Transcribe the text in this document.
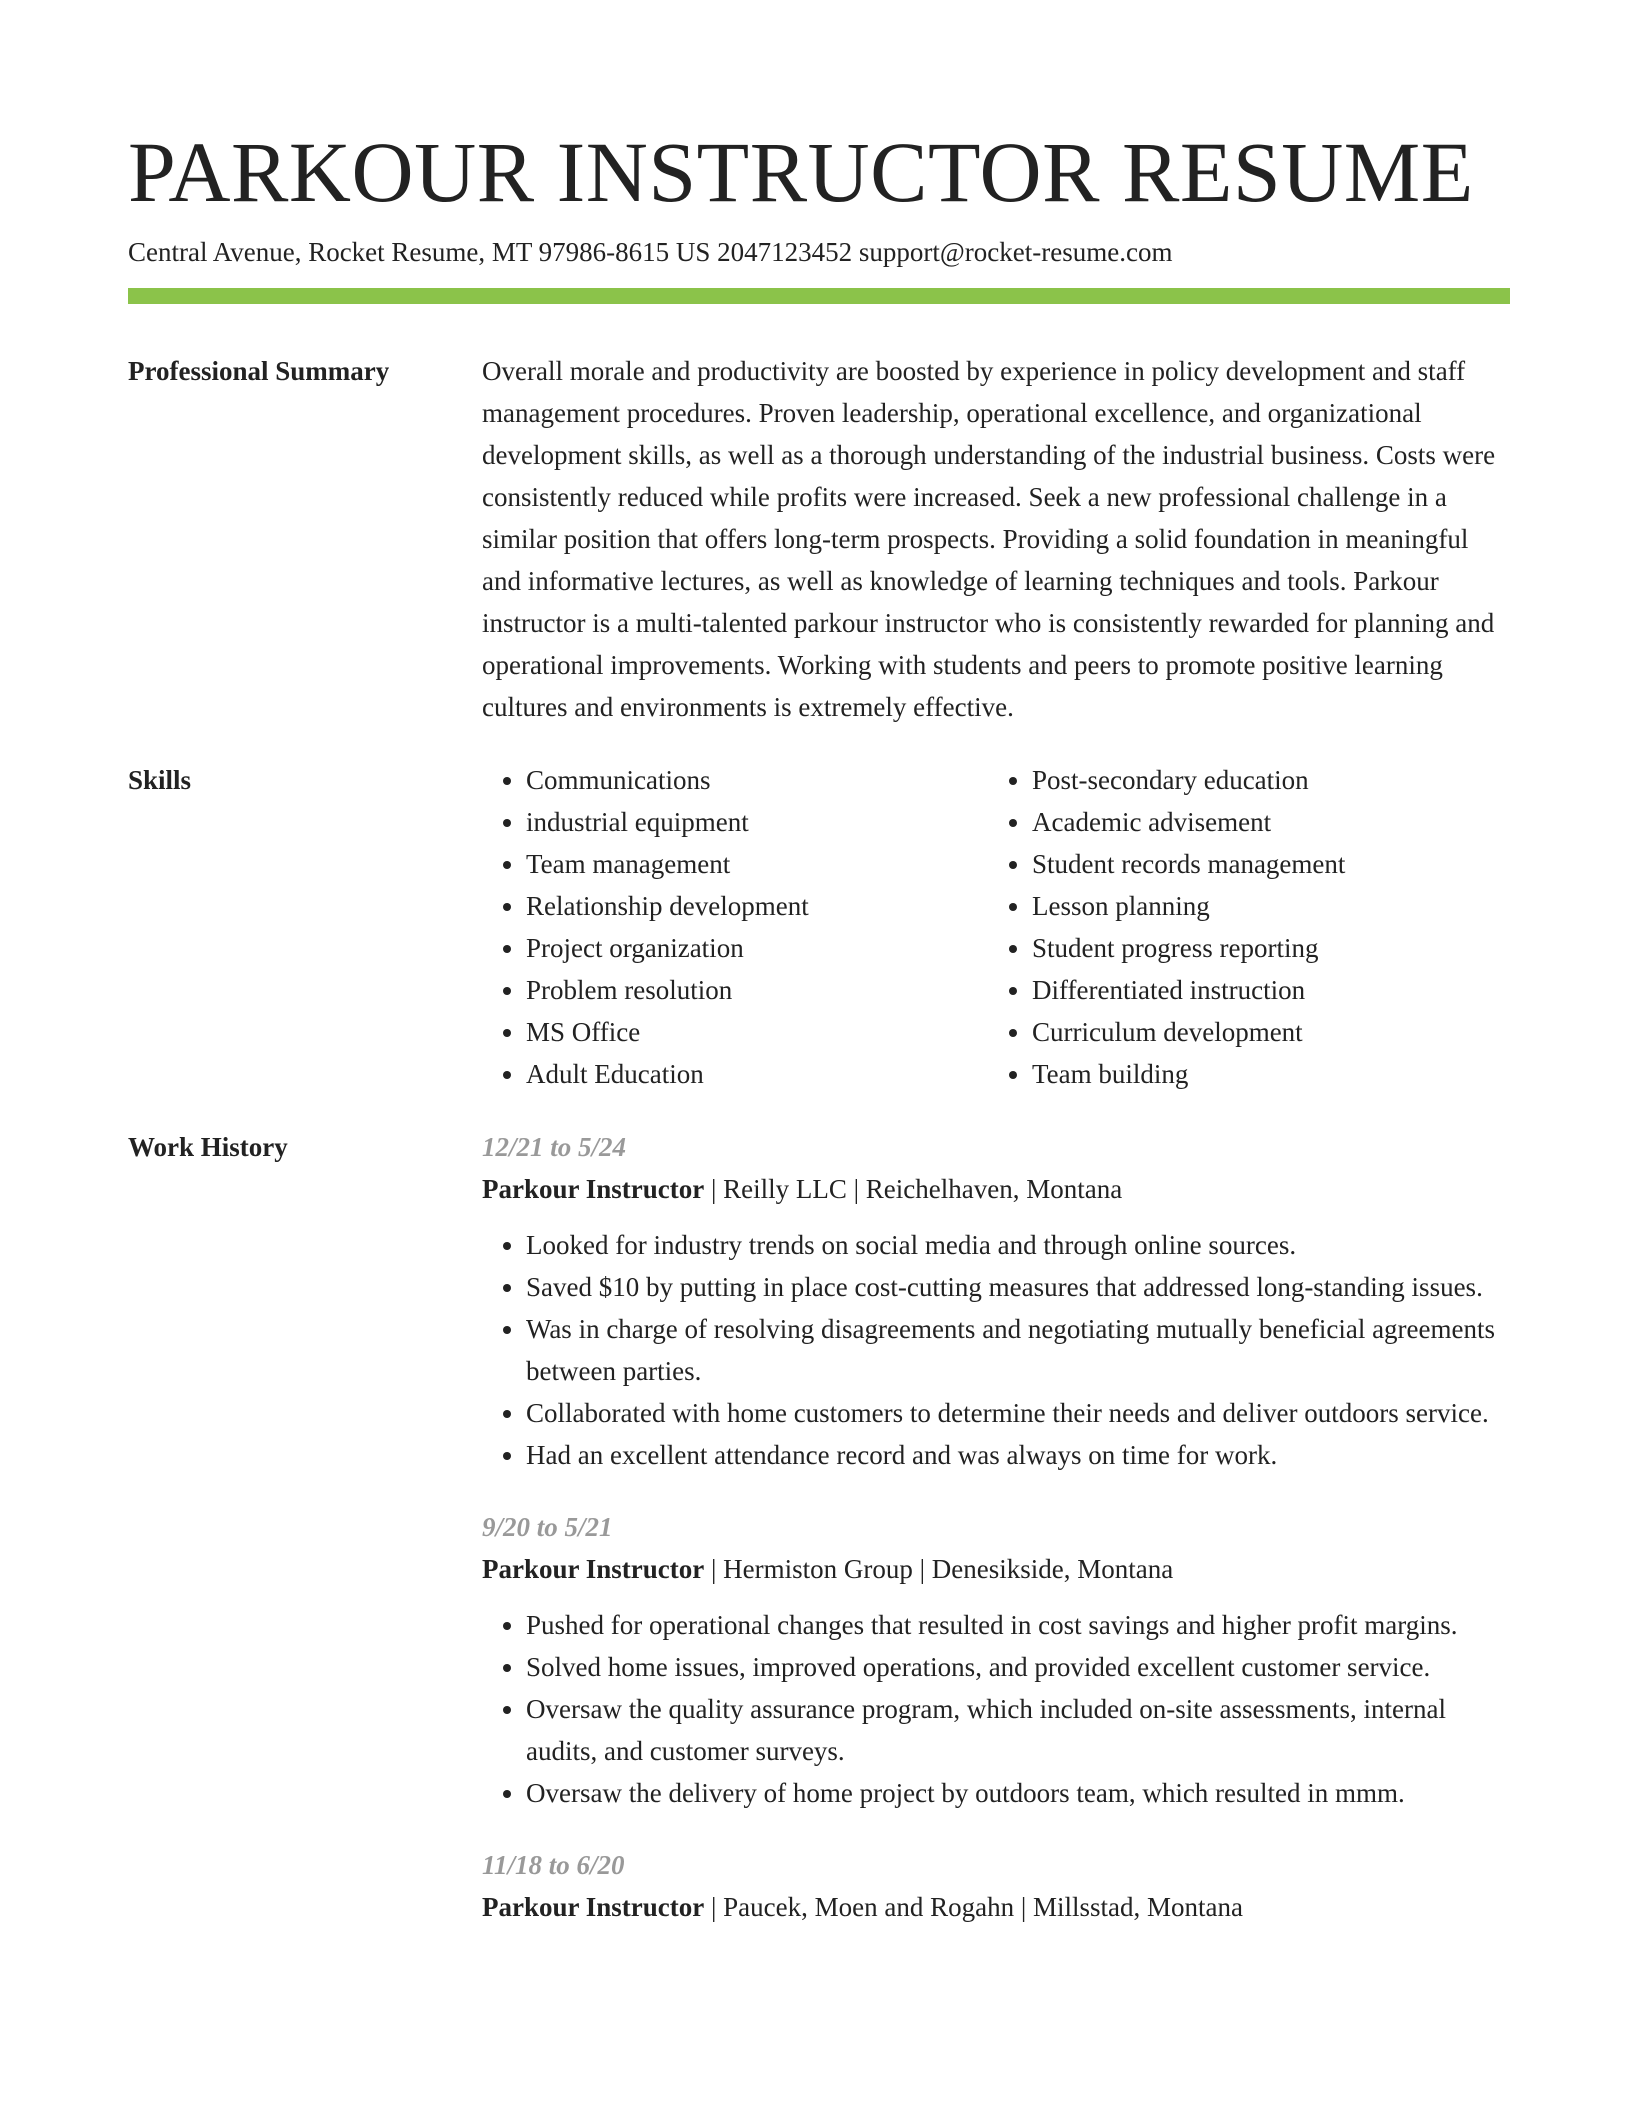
PARKOUR INSTRUCTOR RESUME
Central Avenue, Rocket Resume, MT 97986-8615 US 2047123452 support@rocket-resume.com
Professional Summary	Overall morale and productivity are boosted by experience in policy development and staff management procedures. Proven leadership, operational excellence, and organizational development skills, as well as a thorough understanding of the industrial business. Costs were consistently reduced while profits were increased. Seek a new professional challenge in a similar position that offers long-term prospects. Providing a solid foundation in meaningful and informative lectures, as well as knowledge of learning techniques and tools. Parkour instructor is a multi-talented parkour instructor who is consistently rewarded for planning and operational improvements. Working with students and peers to promote positive learning cultures and environments is extremely effective.

Skills
•	Communications
• industrial equipment
• Team management
• Relationship development
• Project organization
• Problem resolution
• MS Office
• Adult Education
• Post-secondary education
• Academic advisement
• Student records management
• Lesson planning
• Student progress reporting
• Differentiated instruction
• Curriculum development
• Team building
Work History	12/21 to 5/24
Parkour Instructor | Reilly LLC | Reichelhaven, Montana
• Looked for industry trends on social media and through online sources.
• Saved $10 by putting in place cost-cutting measures that addressed long-standing issues.
• Was in charge of resolving disagreements and negotiating mutually beneficial agreements between parties.
• Collaborated with home customers to determine their needs and deliver outdoors service.
• Had an excellent attendance record and was always on time for work.
9/20 to 5/21
Parkour Instructor | Hermiston Group | Denesikside, Montana
• Pushed for operational changes that resulted in cost savings and higher profit margins.
• Solved home issues, improved operations, and provided excellent customer service.
• Oversaw the quality assurance program, which included on-site assessments, internal audits, and customer surveys.
• Oversaw the delivery of home project by outdoors team, which resulted in mmm.
11/18 to 6/20
Parkour Instructor | Paucek, Moen and Rogahn | Millsstad, Montana
